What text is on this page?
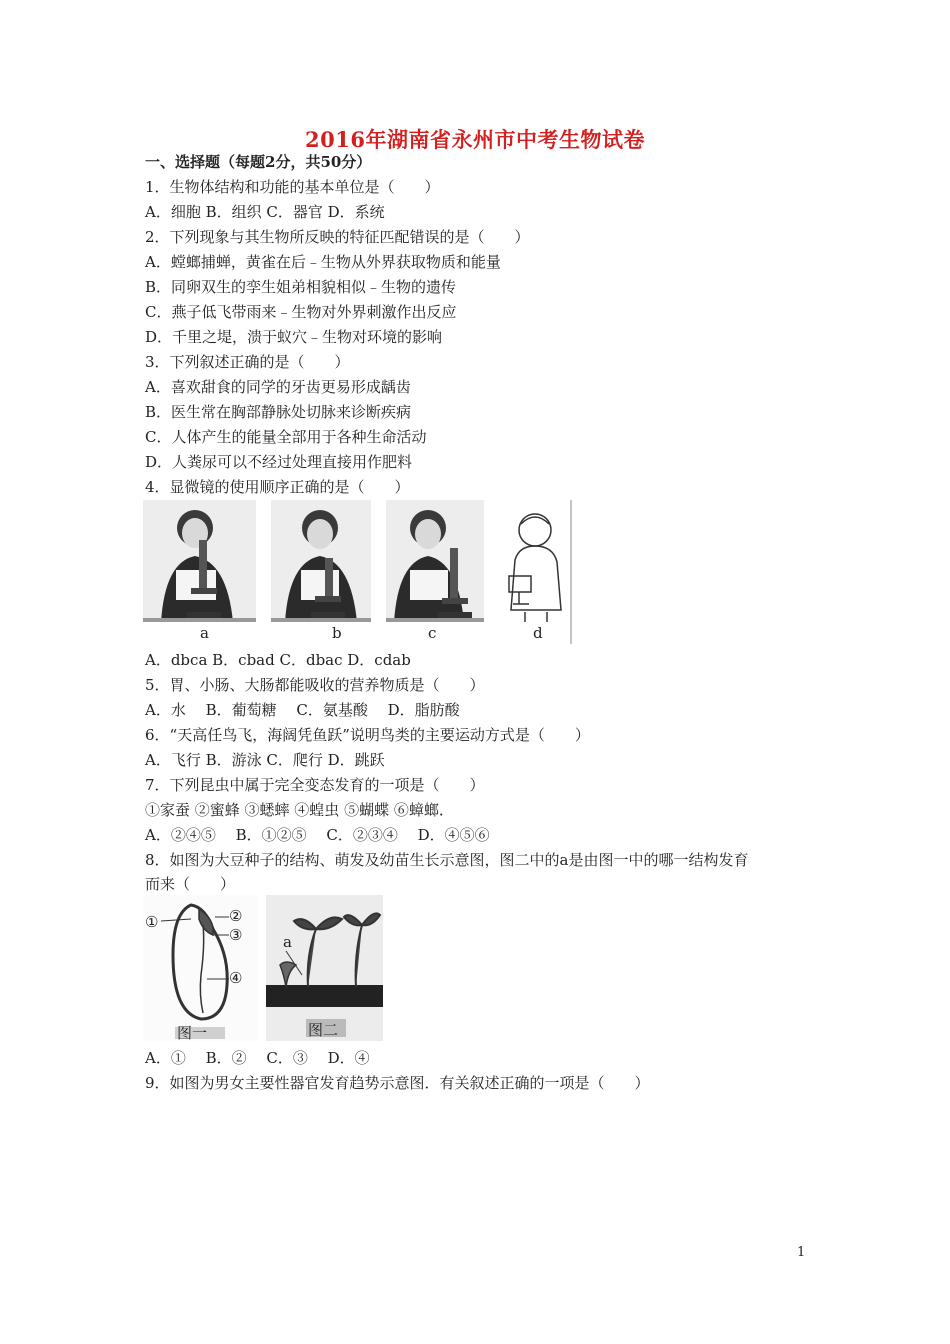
2016年湖南省永州市中考生物试卷
一、选择题（每题2分，共50分）
1．生物体结构和功能的基本单位是（　　）
A．细胞 B．组织 C．器官 D．系统
2．下列现象与其生物所反映的特征匹配错误的是（　　）
A．螳螂捕蝉，黄雀在后﹣生物从外界获取物质和能量
B．同卵双生的孪生姐弟相貌相似﹣生物的遗传
C．燕子低飞带雨来﹣生物对外界刺激作出反应
D．千里之堤，溃于蚁穴﹣生物对环境的影响
3．下列叙述正确的是（　　）
A．喜欢甜食的同学的牙齿更易形成龋齿
B．医生常在胸部静脉处切脉来诊断疾病
C．人体产生的能量全部用于各种生命活动
D．人粪尿可以不经过处理直接用作肥料
4．显微镜的使用顺序正确的是（　　）
a	b	c	d
A．dbca B．cbad C．dbac D．cdab
5．胃、小肠、大肠都能吸收的营养物质是（　　）
A．水　 B．葡萄糖　 C．氨基酸　 D．脂肪酸
6．“天高任鸟飞，海阔凭鱼跃”说明鸟类的主要运动方式是（　　）
A．飞行 B．游泳 C．爬行 D．跳跃
7．下列昆虫中属于完全变态发育的一项是（　　）
①家蚕 ②蜜蜂 ③蟋蟀 ④蝗虫 ⑤蝴蝶 ⑥蟑螂．
A．②④⑤　 B．①②⑤　 C．②③④　 D．④⑤⑥
8．如图为大豆种子的结构、萌发及幼苗生长示意图，图二中的a是由图一中的哪一结构发育
而来（　　）
①	②
③
④
图一	图二
a
A．①　 B．②　 C．③　 D．④
9．如图为男女主要性器官发育趋势示意图．有关叙述正确的一项是（　　）
1
